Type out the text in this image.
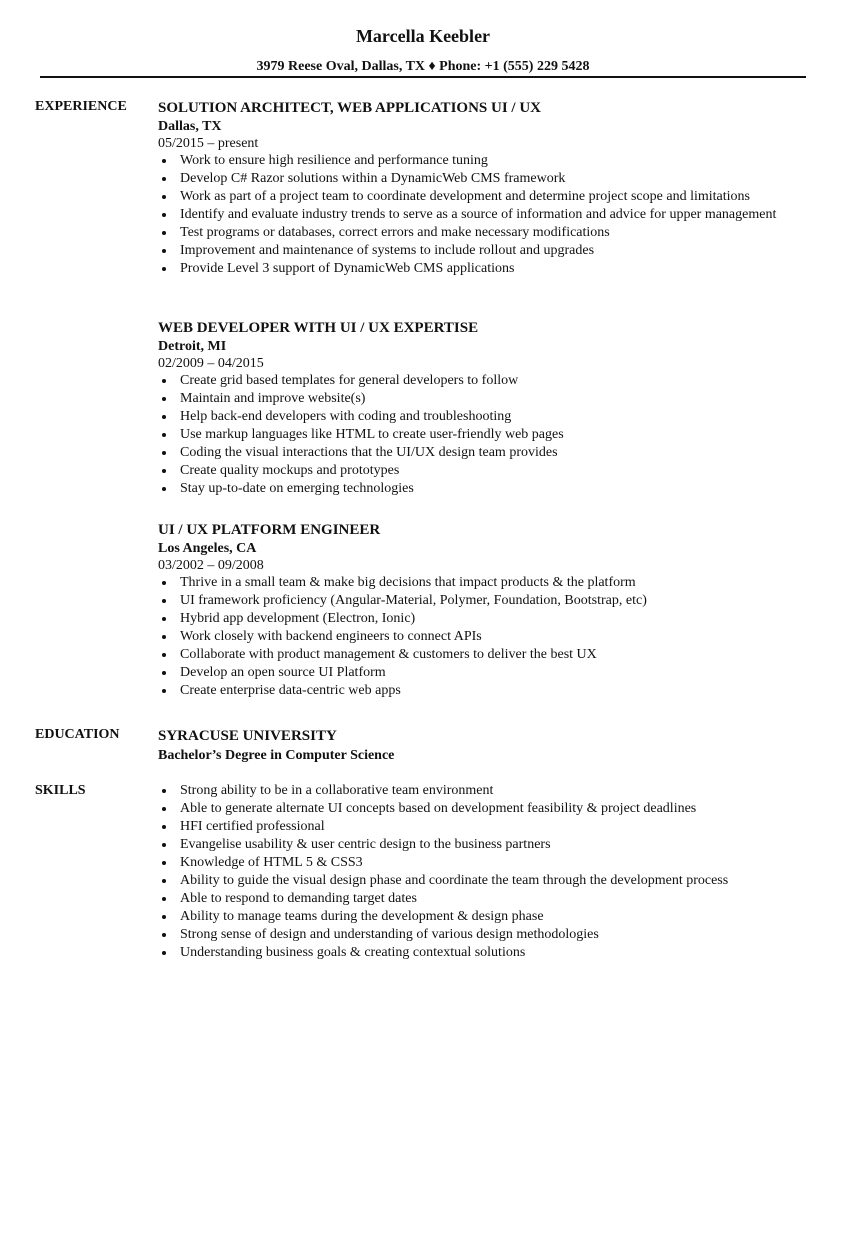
Marcella Keebler
3979 Reese Oval, Dallas, TX ♦ Phone: +1 (555) 229 5428
EXPERIENCE SOLUTION ARCHITECT, WEB APPLICATIONS UI / UX
Dallas, TX
05/2015 – present
Work to ensure high resilience and performance tuning
Develop C# Razor solutions within a DynamicWeb CMS framework
Work as part of a project team to coordinate development and determine project scope and limitations
Identify and evaluate industry trends to serve as a source of information and advice for upper management
Test programs or databases, correct errors and make necessary modifications
Improvement and maintenance of systems to include rollout and upgrades
Provide Level 3 support of DynamicWeb CMS applications
WEB DEVELOPER WITH UI / UX EXPERTISE
Detroit, MI
02/2009 – 04/2015
Create grid based templates for general developers to follow
Maintain and improve website(s)
Help back-end developers with coding and troubleshooting
Use markup languages like HTML to create user-friendly web pages
Coding the visual interactions that the UI/UX design team provides
Create quality mockups and prototypes
Stay up-to-date on emerging technologies
UI / UX PLATFORM ENGINEER
Los Angeles, CA
03/2002 – 09/2008
Thrive in a small team & make big decisions that impact products & the platform
UI framework proficiency (Angular-Material, Polymer, Foundation, Bootstrap, etc)
Hybrid app development (Electron, Ionic)
Work closely with backend engineers to connect APIs
Collaborate with product management & customers to deliver the best UX
Develop an open source UI Platform
Create enterprise data-centric web apps
EDUCATION	SYRACUSE UNIVERSITY
Bachelor’s Degree in Computer Science
SKILLS	Strong ability to be in a collaborative team environment
Able to generate alternate UI concepts based on development feasibility & project deadlines
HFI certified professional
Evangelise usability & user centric design to the business partners
Knowledge of HTML 5 & CSS3
Ability to guide the visual design phase and coordinate the team through the development process
Able to respond to demanding target dates
Ability to manage teams during the development & design phase
Strong sense of design and understanding of various design methodologies
Understanding business goals & creating contextual solutions
